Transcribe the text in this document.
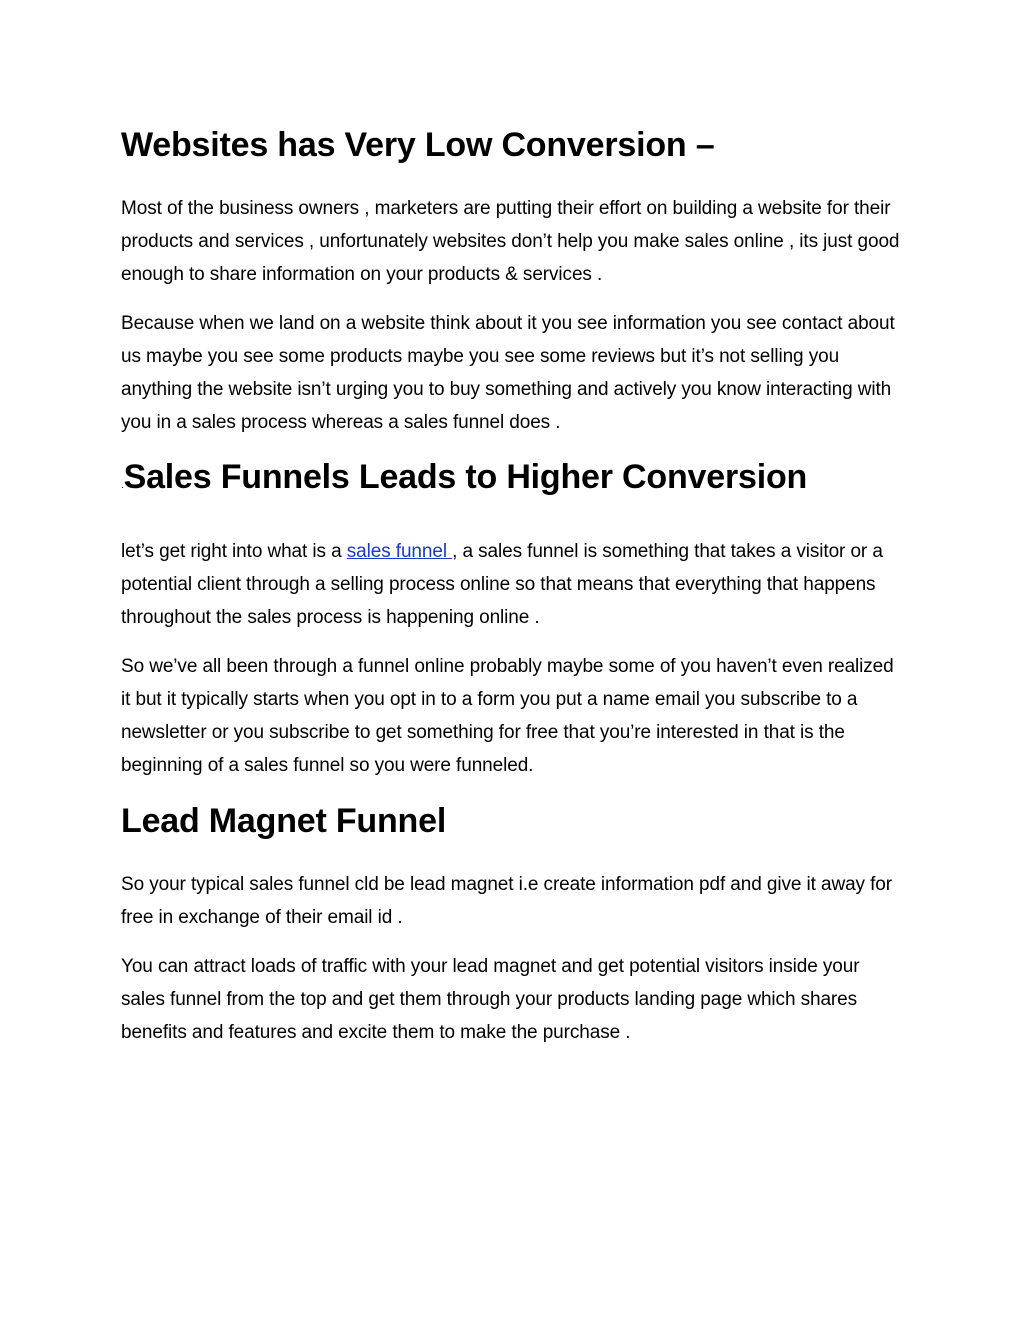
Websites has Very Low Conversion –

Most of the business owners , marketers are putting their effort on building a website for their products and services , unfortunately websites don’t help you make sales online , its just good enough to share information on your products & services .

Because when we land on a website think about it you see information you see contact about us maybe you see some products maybe you see some reviews but it’s not selling you anything the website isn’t urging you to buy something and actively you know interacting with you in a sales process whereas a sales funnel does .

.Sales Funnels Leads to Higher Conversion

let’s get right into what is a sales funnel , a sales funnel is something that takes a visitor or a potential client through a selling process online so that means that everything that happens throughout the sales process is happening online .

So we’ve all been through a funnel online probably maybe some of you haven’t even realized it but it typically starts when you opt in to a form you put a name email you subscribe to a newsletter or you subscribe to get something for free that you’re interested in that is the beginning of a sales funnel so you were funneled.

Lead Magnet Funnel

So your typical sales funnel cld be lead magnet i.e create information pdf and give it away for free in exchange of their email id .

You can attract loads of traffic with your lead magnet and get potential visitors inside your sales funnel from the top and get them through your products landing page which shares benefits and features and excite them to make the purchase .
